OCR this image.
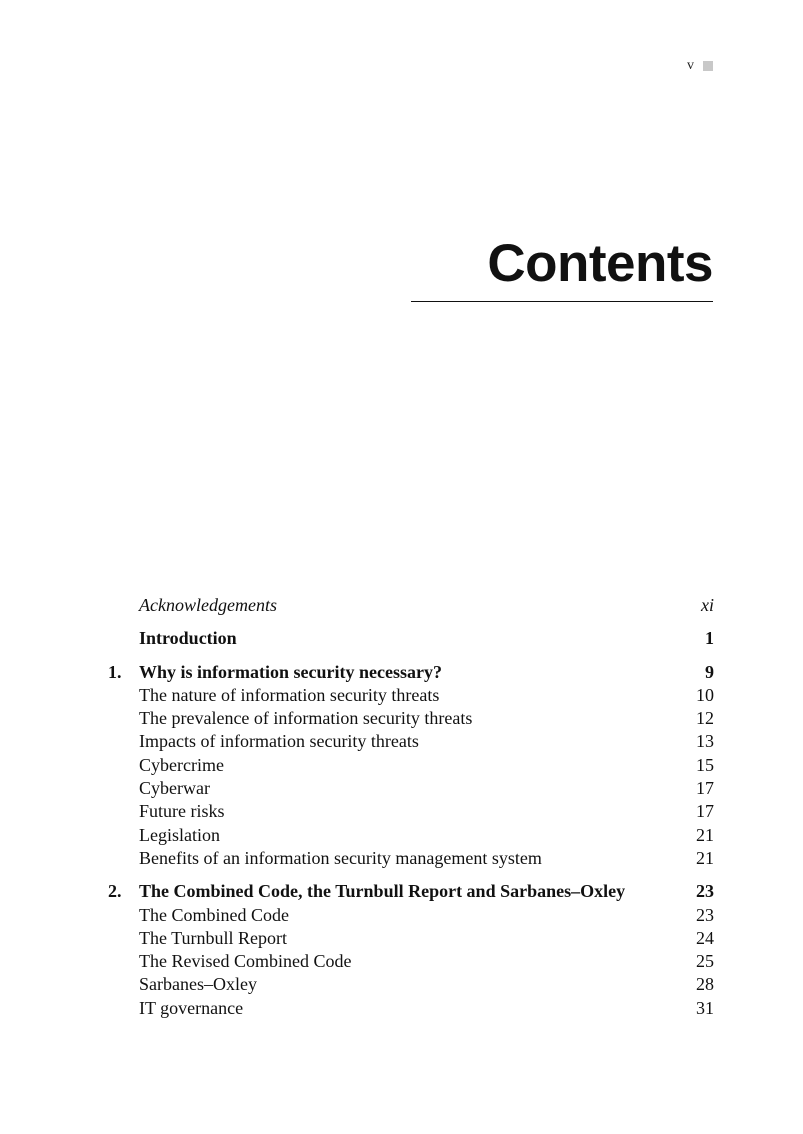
v
Contents
Acknowledgements	xi
Introduction	1
1. Why is information security necessary?	9
The nature of information security threats	10
The prevalence of information security threats	12
Impacts of information security threats	13
Cybercrime	15
Cyberwar	17
Future risks	17
Legislation	21
Benefits of an information security management system	21
2. The Combined Code, the Turnbull Report and Sarbanes–Oxley	23
The Combined Code	23
The Turnbull Report	24
The Revised Combined Code	25
Sarbanes–Oxley	28
IT governance	31
